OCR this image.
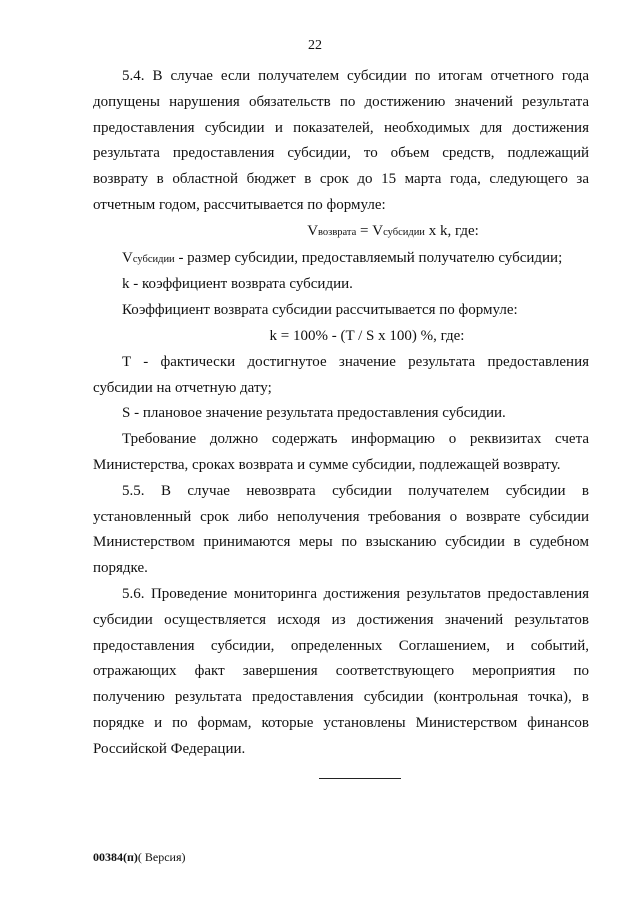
22

5.4. В случае если получателем субсидии по итогам отчетного года допущены нарушения обязательств по достижению значений результата предоставления субсидии и показателей, необходимых для достижения результата предоставления субсидии, то объем средств, подлежащий возврату в областной бюджет в срок до 15 марта года, следующего за отчетным годом, рассчитывается по формуле:

Vвозврата = Vсубсидии х k, где:

Vсубсидии - размер субсидии, предоставляемый получателю субсидии;

k - коэффициент возврата субсидии.

Коэффициент возврата субсидии рассчитывается по формуле:

k = 100% - (T / S x 100) %, где:

T - фактически достигнутое значение результата предоставления субсидии на отчетную дату;

S - плановое значение результата предоставления субсидии.

Требование должно содержать информацию о реквизитах счета Министерства, сроках возврата и сумме субсидии, подлежащей возврату.

5.5. В случае невозврата субсидии получателем субсидии в установленный срок либо неполучения требования о возврате субсидии Министерством принимаются меры по взысканию субсидии в судебном порядке.

5.6. Проведение мониторинга достижения результатов предоставления субсидии осуществляется исходя из достижения значений результатов предоставления субсидии, определенных Соглашением, и событий, отражающих факт завершения соответствующего мероприятия по получению результата предоставления субсидии (контрольная точка), в порядке и по формам, которые установлены Министерством финансов Российской Федерации.

00384(п)( Версия)
